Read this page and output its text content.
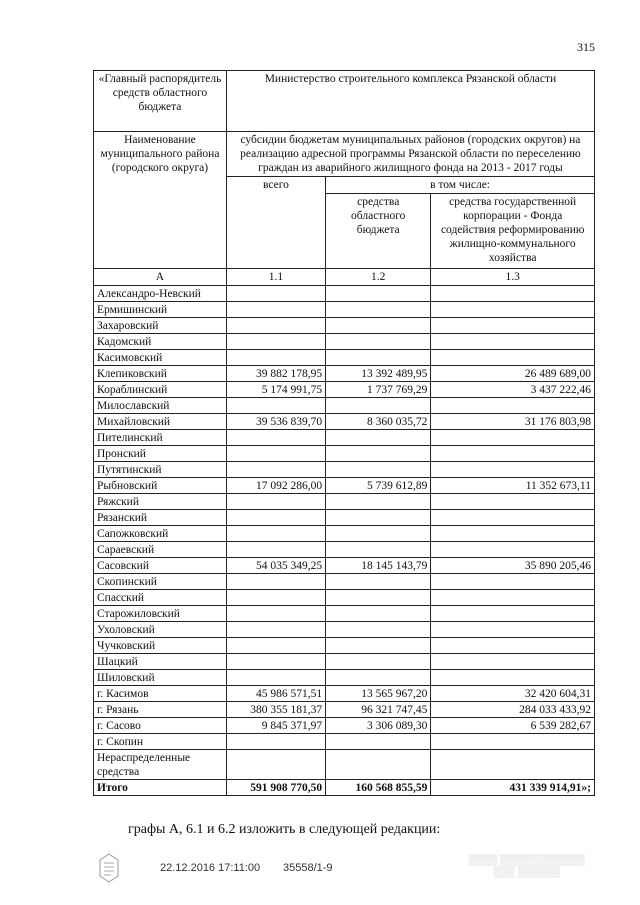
315
«Главный распорядитель средств областного бюджета	Министерство строительного комплекса Рязанской области		
Наименование муниципального района (городского округа)	субсидии бюджетам муниципальных районов (городских округов) на реализацию адресной программы Рязанской области по переселению граждан из аварийного жилищного фонда на 2013 - 2017 годы		
	всего	в том числе:	
		средства областного бюджета	средства государственной корпорации - Фонда содействия реформированию жилищно-коммунального хозяйства
А	1.1	1.2	1.3
Александро-Невский			
Ермишинский			
Захаровский			
Кадомский			
Касимовский			
Клепиковский	39 882 178,95	13 392 489,95	26 489 689,00
Кораблинский	5 174 991,75	1 737 769,29	3 437 222,46
Милославский			
Михайловский	39 536 839,70	8 360 035,72	31 176 803,98
Пителинский			
Пронский			
Путятинский			
Рыбновский	17 092 286,00	5 739 612,89	11 352 673,11
Ряжский			
Рязанский			
Сапожковский			
Сараевский			
Сасовский	54 035 349,25	18 145 143,79	35 890 205,46
Скопинский			
Спасский			
Старожиловский			
Ухоловский			
Чучковский			
Шацкий			
Шиловский			
г. Касимов	45 986 571,51	13 565 967,20	32 420 604,31
г. Рязань	380 355 181,37	96 321 747,45	284 033 433,92
г. Сасово	9 845 371,97	3 306 089,30	6 539 282,67
г. Скопин			
Нераспределенные средства			
Итого	591 908 770,50	160 568 855,59	431 339 914,91»;
графы А, 6.1 и 6.2 изложить в следующей редакции:
22.12.2016 17:11:00 35558/1-9
▒▒▒▒ ▒▒▒▒▒▒▒▒▒▒▒▒
▒▒▒ ▒▒▒▒▒▒
